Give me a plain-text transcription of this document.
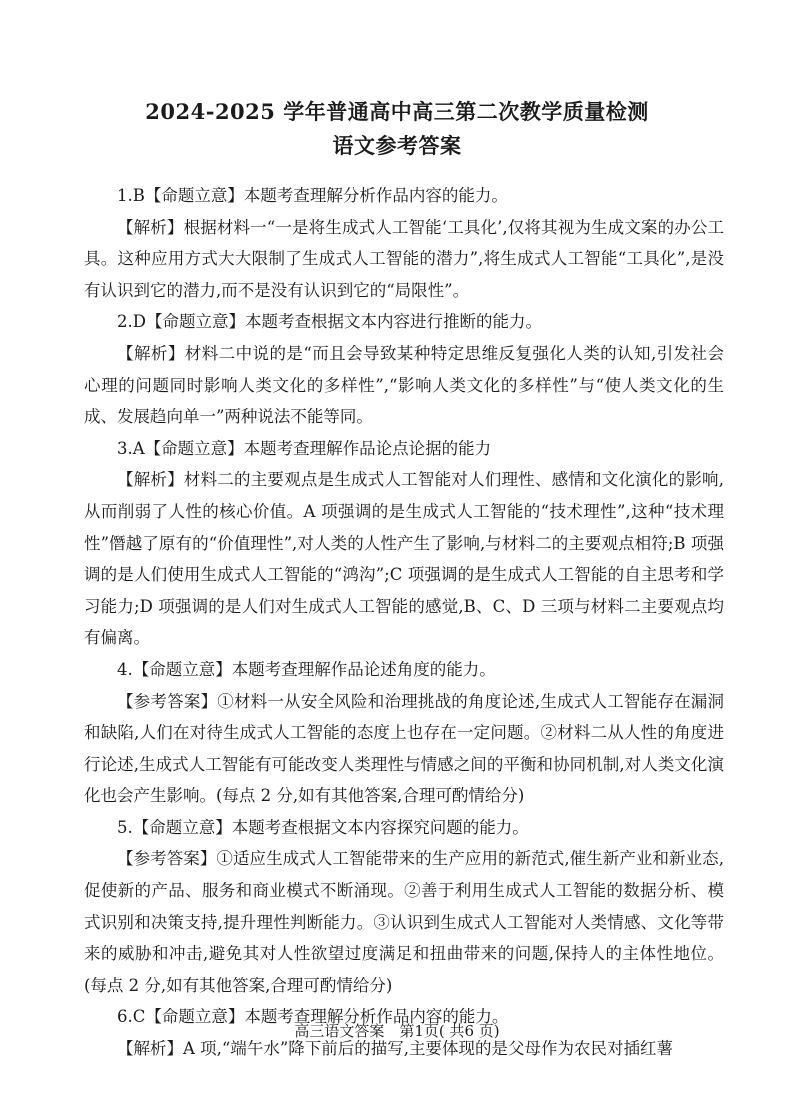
2024-2025 学年普通高中高三第二次教学质量检测
语文参考答案

1.B【命题立意】本题考查理解分析作品内容的能力。

【解析】根据材料一“一是将生成式人工智能‘工具化’,仅将其视为生成文案的办公工具。这种应用方式大大限制了生成式人工智能的潜力”,将生成式人工智能“工具化”,是没有认识到它的潜力,而不是没有认识到它的“局限性”。

2.D【命题立意】本题考查根据文本内容进行推断的能力。

【解析】材料二中说的是“而且会导致某种特定思维反复强化人类的认知,引发社会心理的问题同时影响人类文化的多样性”,“影响人类文化的多样性”与“使人类文化的生成、发展趋向单一”两种说法不能等同。

3.A【命题立意】本题考查理解作品论点论据的能力

【解析】材料二的主要观点是生成式人工智能对人们理性、感情和文化演化的影响,从而削弱了人性的核心价值。A 项强调的是生成式人工智能的“技术理性”,这种“技术理性”僭越了原有的“价值理性”,对人类的人性产生了影响,与材料二的主要观点相符;B 项强调的是人们使用生成式人工智能的“鸿沟”;C 项强调的是生成式人工智能的自主思考和学习能力;D 项强调的是人们对生成式人工智能的感觉,B、C、D 三项与材料二主要观点均有偏离。

4.【命题立意】本题考查理解作品论述角度的能力。

【参考答案】①材料一从安全风险和治理挑战的角度论述,生成式人工智能存在漏洞和缺陷,人们在对待生成式人工智能的态度上也存在一定问题。②材料二从人性的角度进行论述,生成式人工智能有可能改变人类理性与情感之间的平衡和协同机制,对人类文化演化也会产生影响。(每点 2 分,如有其他答案,合理可酌情给分)

5.【命题立意】本题考查根据文本内容探究问题的能力。

【参考答案】①适应生成式人工智能带来的生产应用的新范式,催生新产业和新业态,促使新的产品、服务和商业模式不断涌现。②善于利用生成式人工智能的数据分析、模式识别和决策支持,提升理性判断能力。③认识到生成式人工智能对人类情感、文化等带来的威胁和冲击,避免其对人性欲望过度满足和扭曲带来的问题,保持人的主体性地位。(每点 2 分,如有其他答案,合理可酌情给分)

6.C【命题立意】本题考查理解分析作品内容的能力。

【解析】A 项,“端午水”降下前后的描写,主要体现的是父母作为农民对插红薯

高三语文答案　第1页( 共6 页)
